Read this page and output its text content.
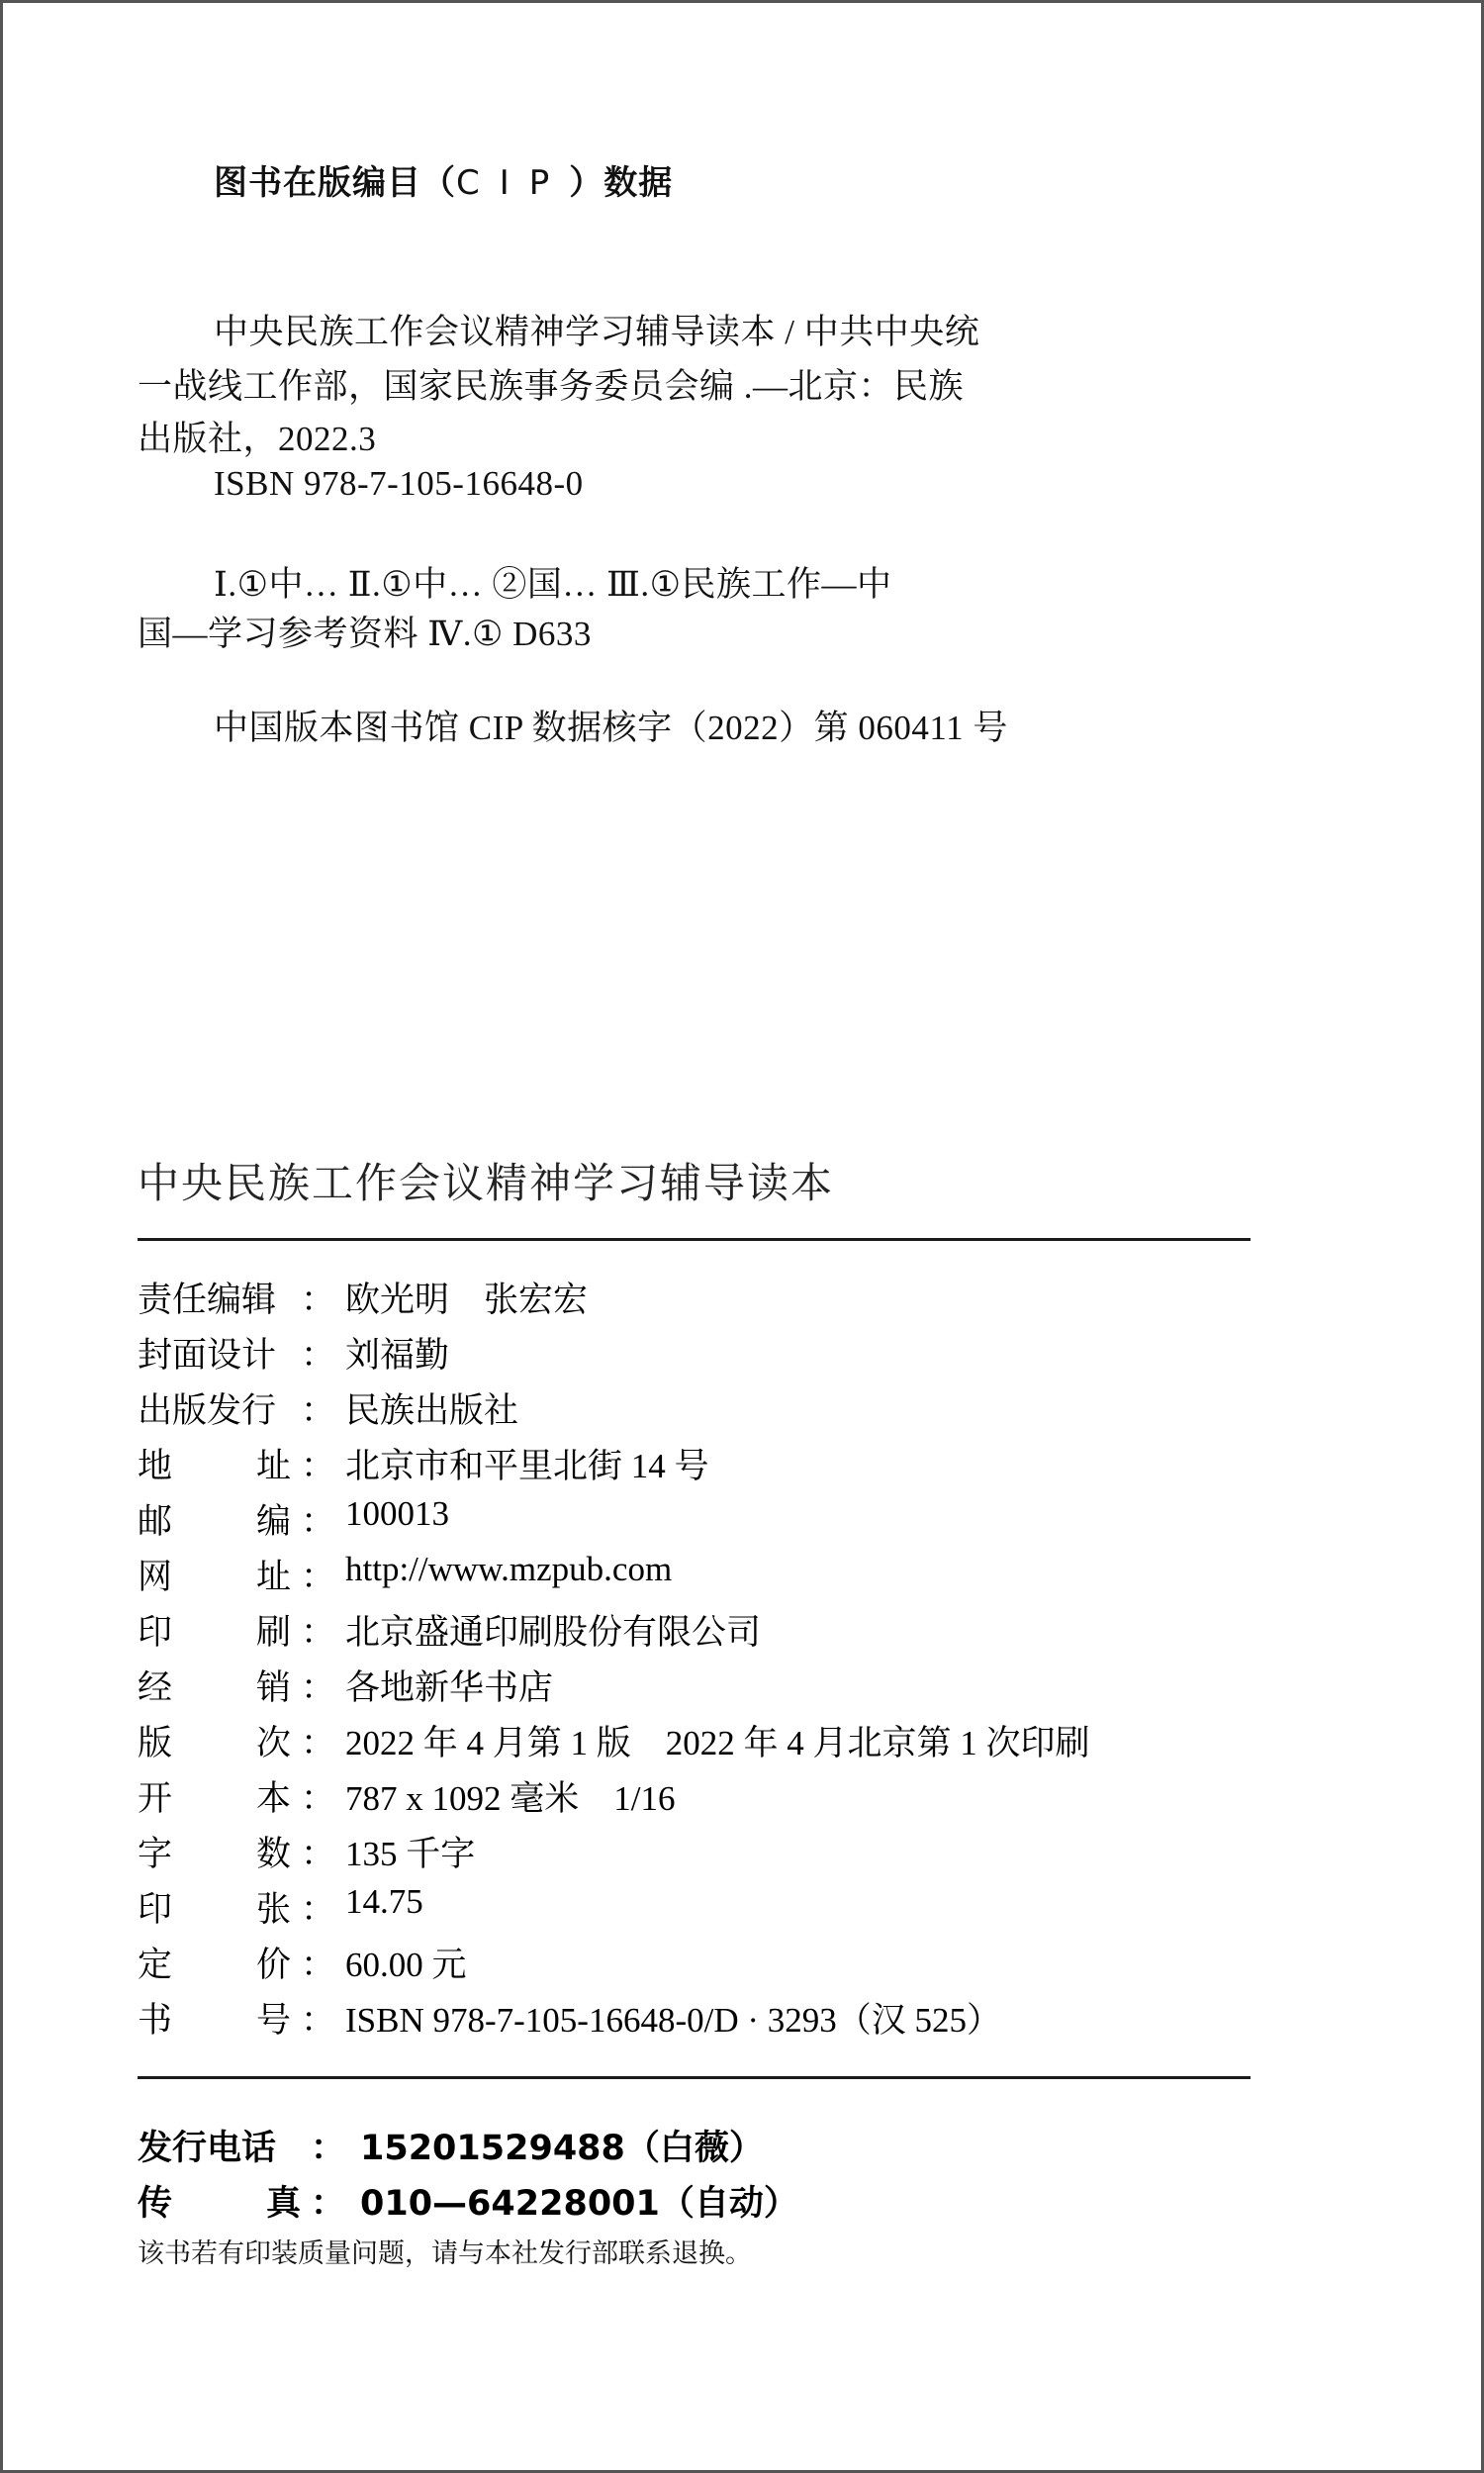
图书在版编目（CIP）数据
中央民族工作会议精神学习辅导读本 / 中共中央统
一战线工作部，国家民族事务委员会编 .—北京：民族
出版社，2022.3
ISBN 978-7-105-16648-0
Ⅰ.①中… Ⅱ.①中… ②国… Ⅲ.①民族工作—中
国—学习参考资料 Ⅳ.① D633
中国版本图书馆 CIP 数据核字（2022）第 060411 号
中央民族工作会议精神学习辅导读本
责任编辑 ： 欧光明　张宏宏
封面设计 ： 刘福勤
出版发行 ： 民族出版社
地 址 ： 北京市和平里北街 14 号
邮 编 ： 100013
网 址 ： http://www.mzpub.com
印 刷 ： 北京盛通印刷股份有限公司
经 销 ： 各地新华书店
版 次 ： 2022 年 4 月第 1 版　2022 年 4 月北京第 1 次印刷
开 本 ： 787 x 1092 毫米　1/16
字 数 ： 135 千字
印 张 ： 14.75
定 价 ： 60.00 元
书 号 ： ISBN 978-7-105-16648-0/D · 3293（汉 525）
发行电话 ： 15201529488（白薇）
传	真 ： 010—64228001（自动）
该书若有印装质量问题，请与本社发行部联系退换。
